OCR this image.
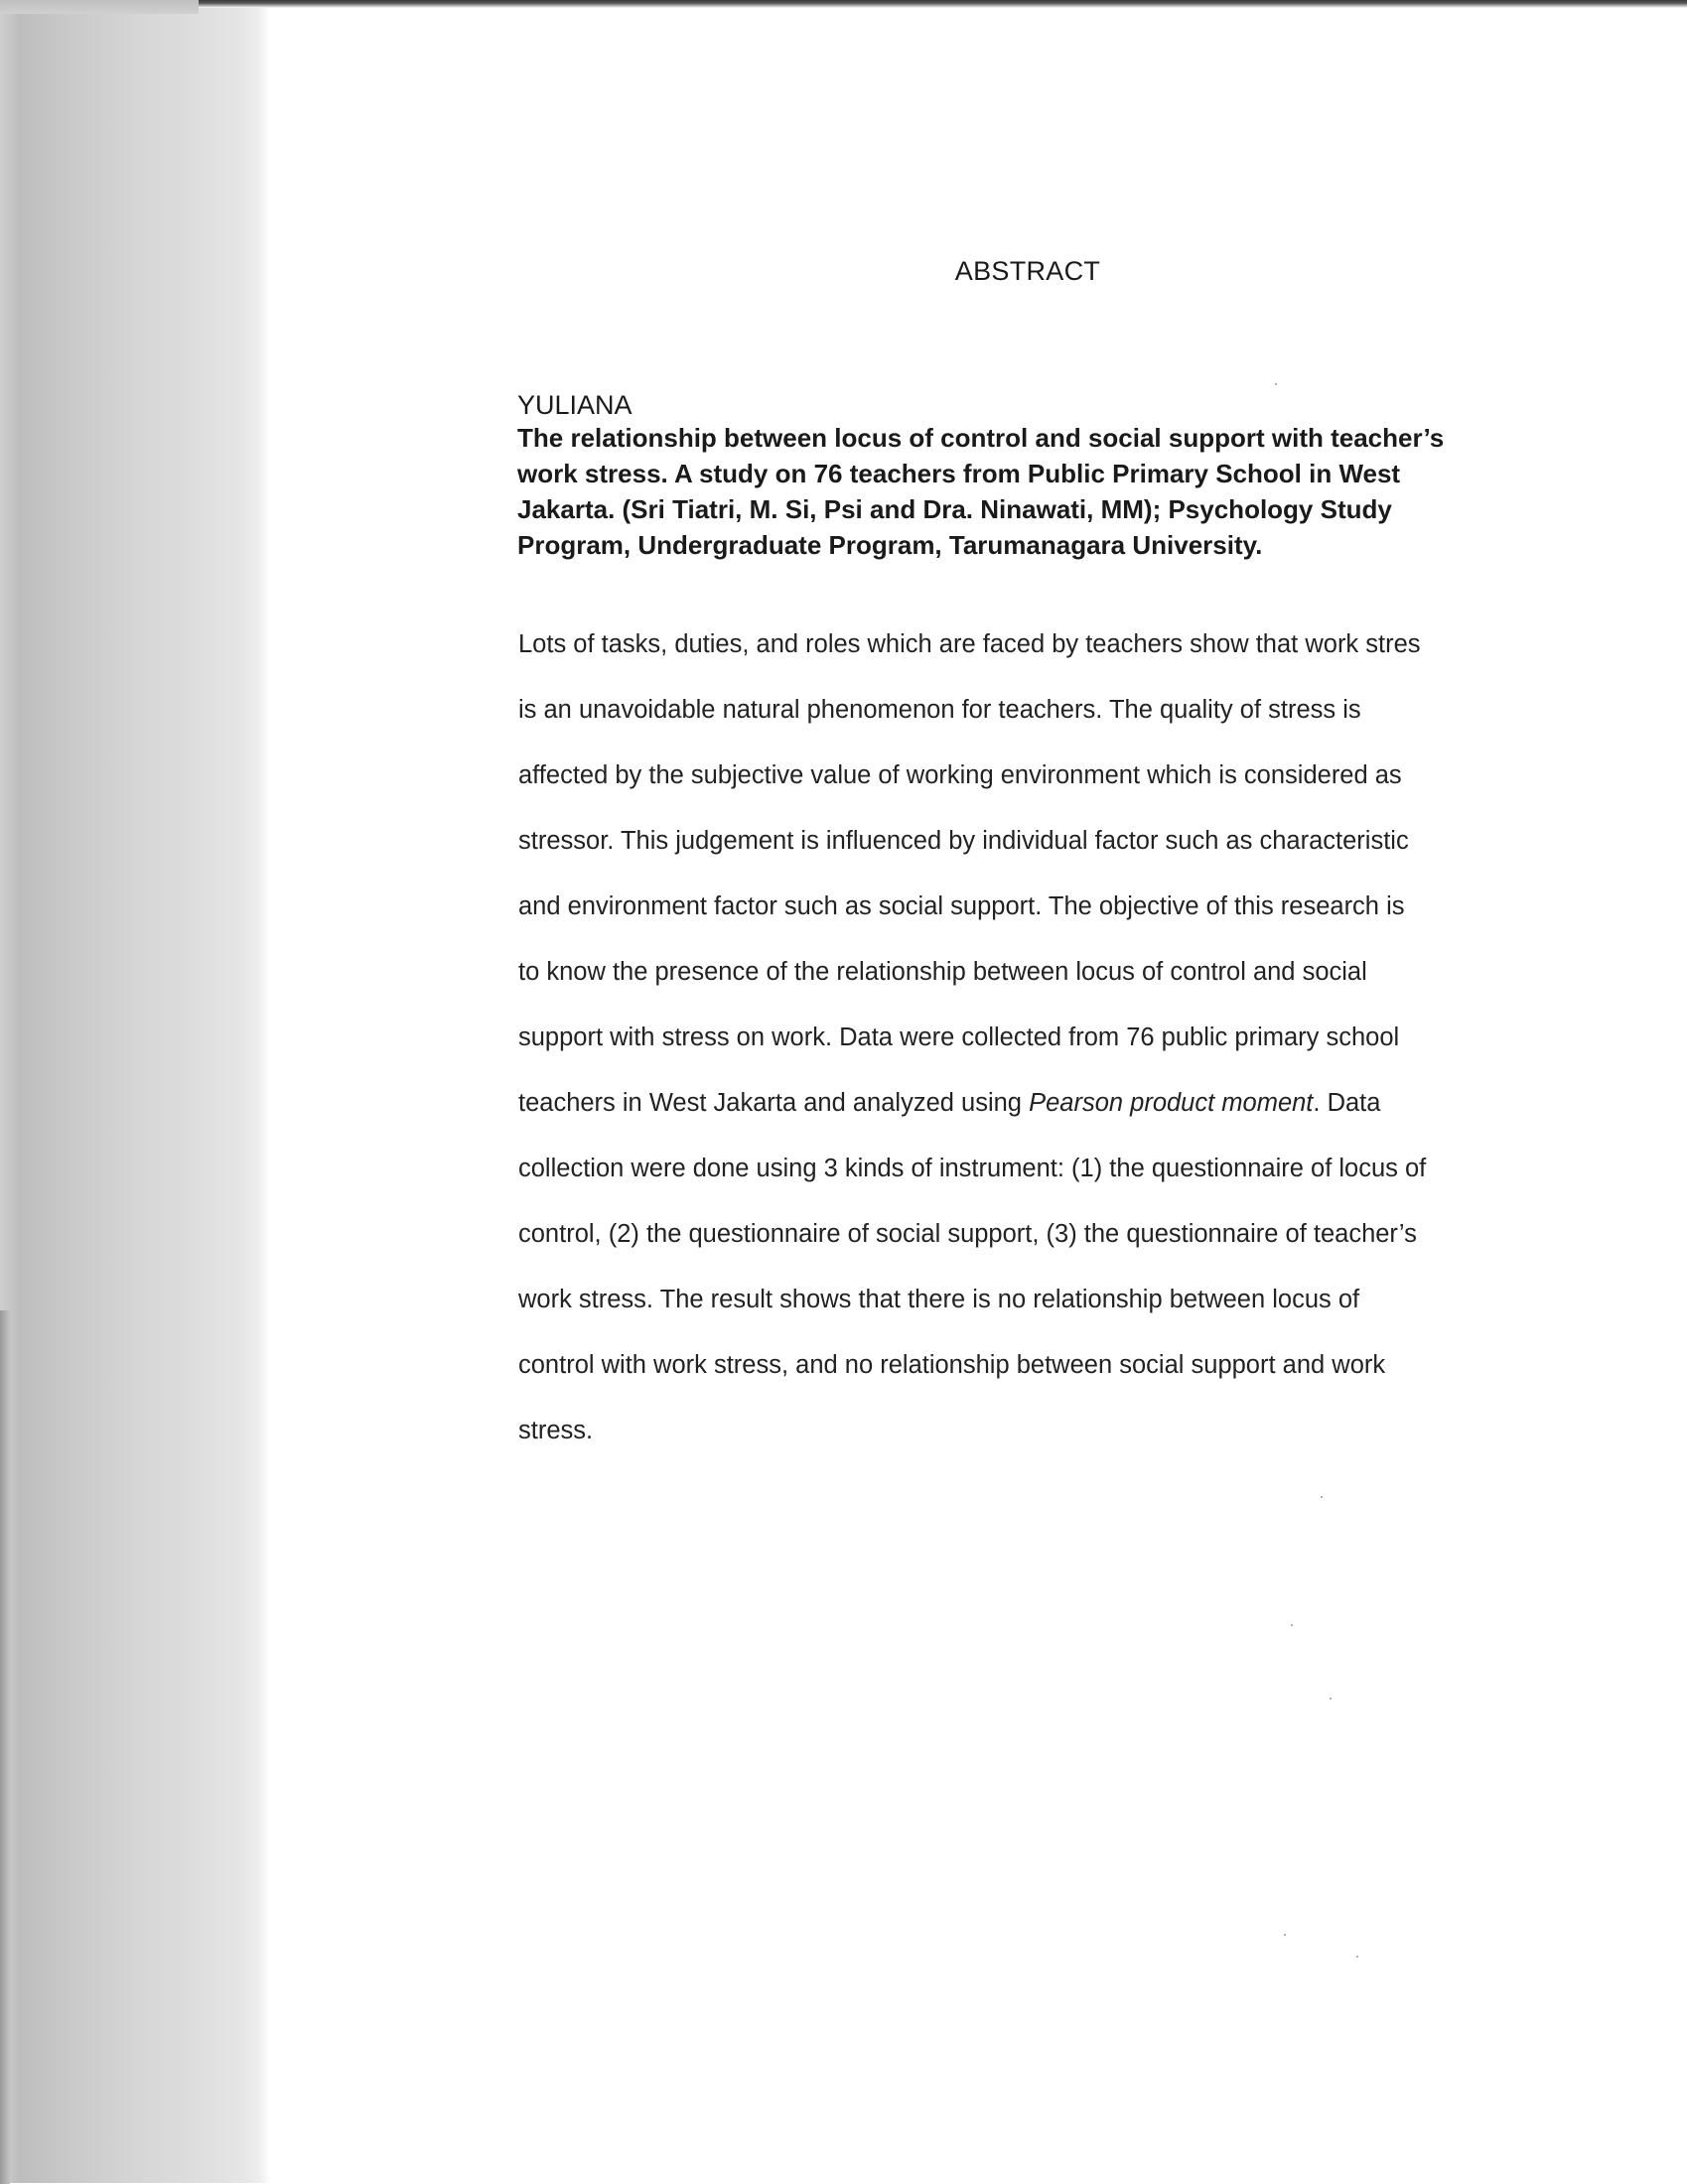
ABSTRACT

YULIANA

The relationship between locus of control and social support with teacher’s
work stress. A study on 76 teachers from Public Primary School in West
Jakarta. (Sri Tiatri, M. Si, Psi and Dra. Ninawati, MM); Psychology Study
Program, Undergraduate Program, Tarumanagara University.

Lots of tasks, duties, and roles which are faced by teachers show that work stres
is an unavoidable natural phenomenon for teachers. The quality of stress is
affected by the subjective value of working environment which is considered as
stressor. This judgement is influenced by individual factor such as characteristic
and environment factor such as social support. The objective of this research is
to know the presence of the relationship between locus of control and social
support with stress on work. Data were collected from 76 public primary school
teachers in West Jakarta and analyzed using Pearson product moment. Data
collection were done using 3 kinds of instrument: (1) the questionnaire of locus of
control, (2) the questionnaire of social support, (3) the questionnaire of teacher’s
work stress. The result shows that there is no relationship between locus of
control with work stress, and no relationship between social support and work
stress.
